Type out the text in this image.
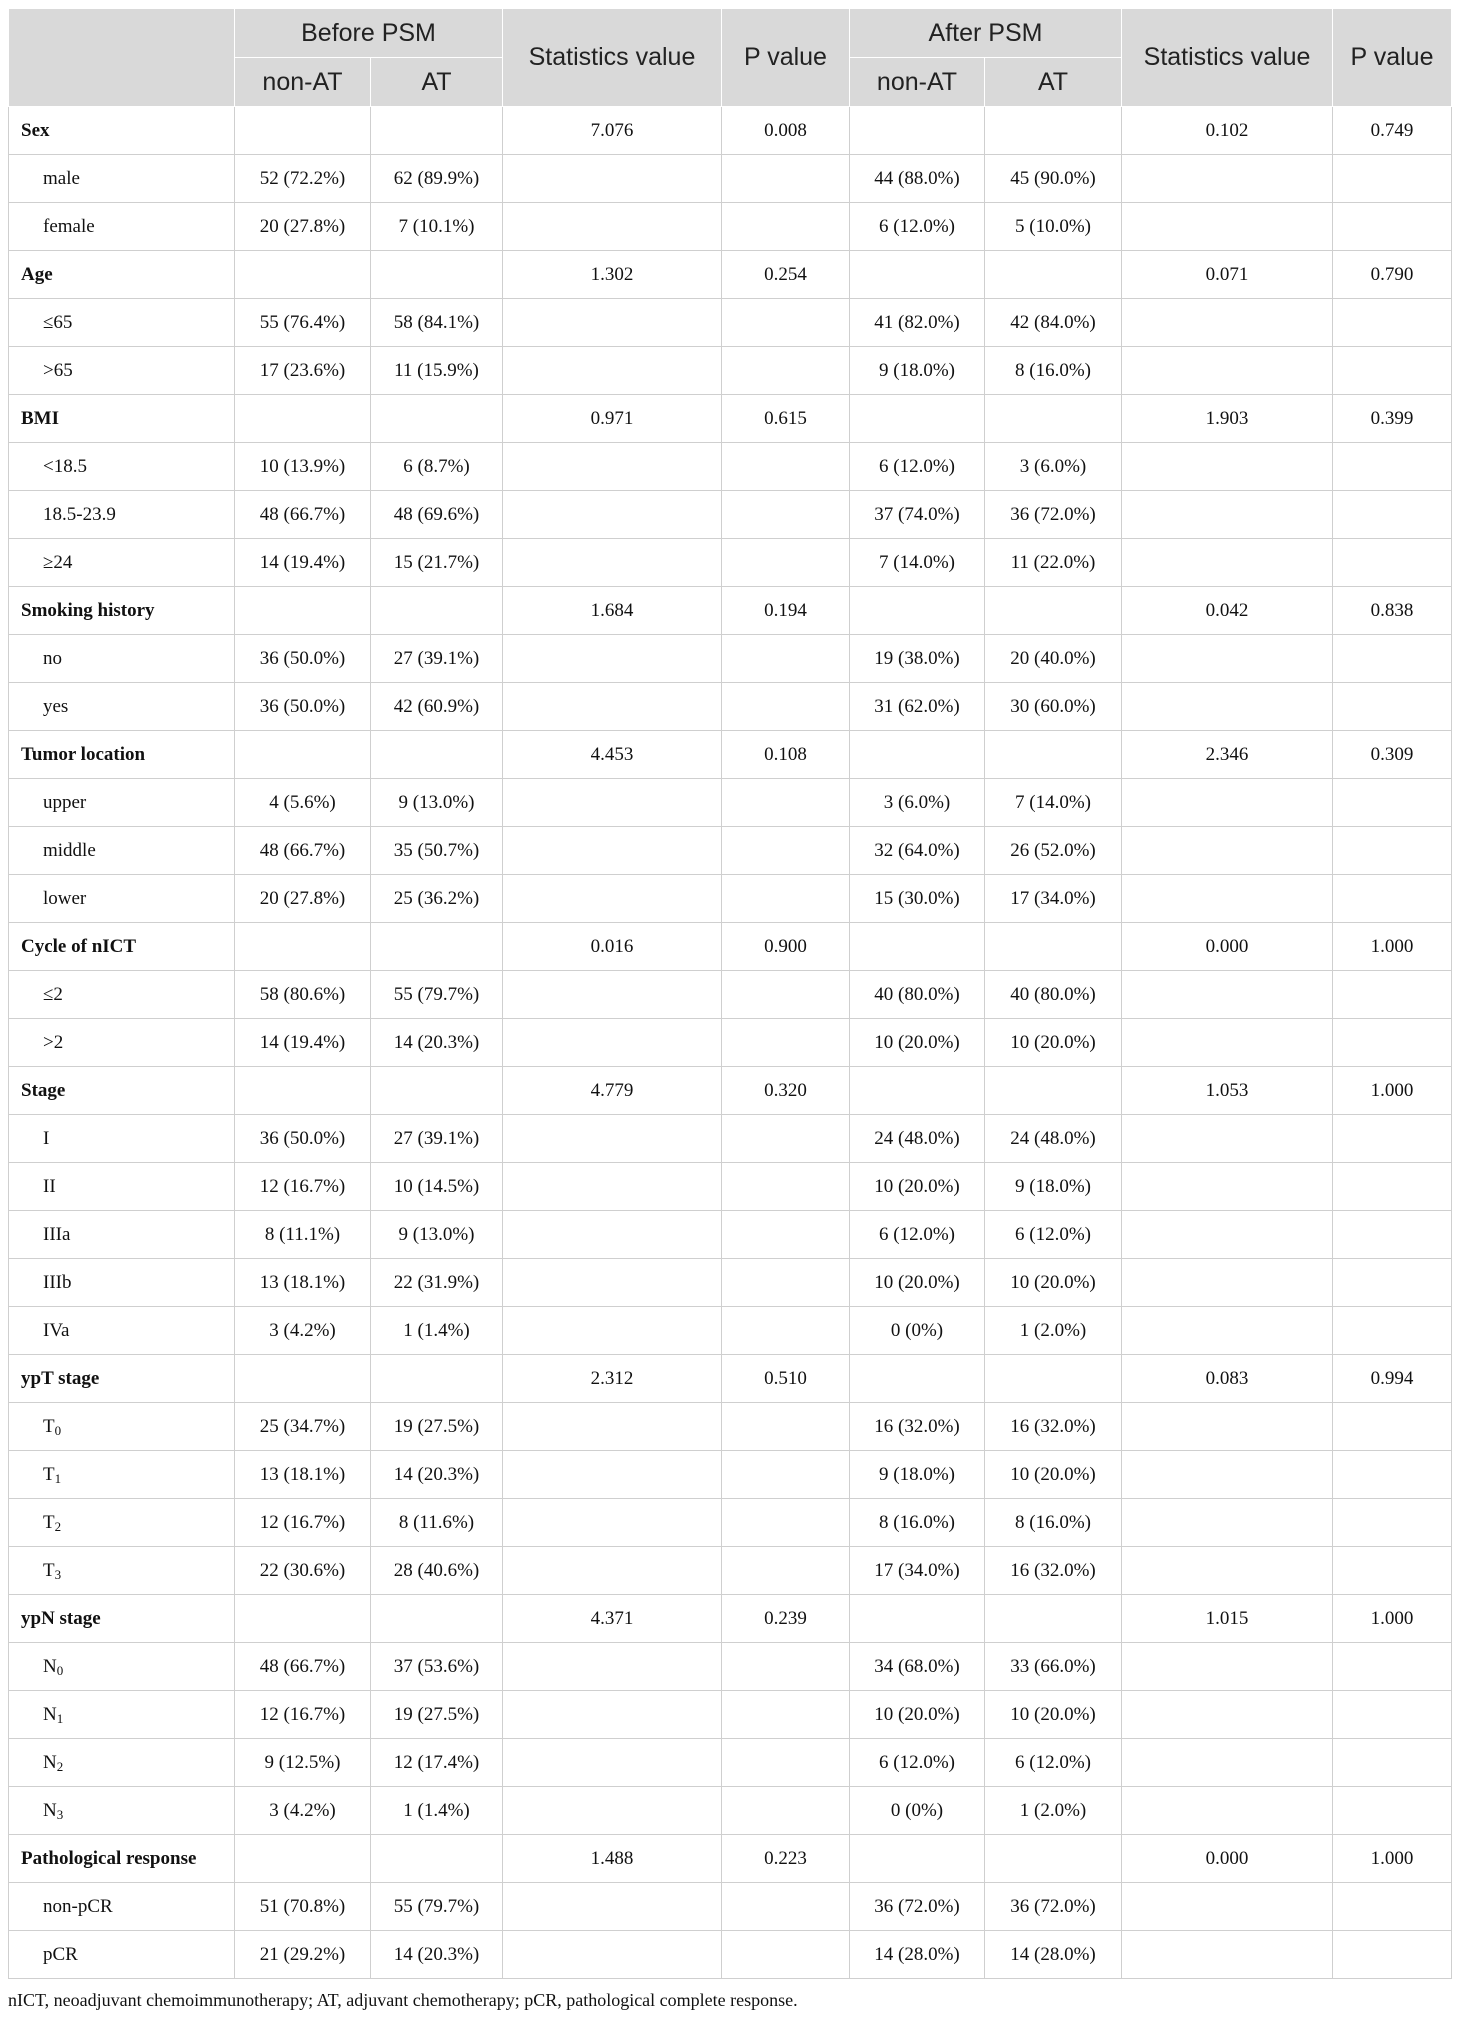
	Before PSM		Statistics value	P value	After PSM		Statistics value	P value
	non-AT	AT			non-AT	AT		
Sex			7.076	0.008			0.102	0.749
male	52 (72.2%)	62 (89.9%)			44 (88.0%)	45 (90.0%)		
female	20 (27.8%)	7 (10.1%)			6 (12.0%)	5 (10.0%)		
Age			1.302	0.254			0.071	0.790
≤65	55 (76.4%)	58 (84.1%)			41 (82.0%)	42 (84.0%)		
>65	17 (23.6%)	11 (15.9%)			9 (18.0%)	8 (16.0%)		
BMI			0.971	0.615			1.903	0.399
<18.5	10 (13.9%)	6 (8.7%)			6 (12.0%)	3 (6.0%)		
18.5-23.9	48 (66.7%)	48 (69.6%)			37 (74.0%)	36 (72.0%)		
≥24	14 (19.4%)	15 (21.7%)			7 (14.0%)	11 (22.0%)		
Smoking history			1.684	0.194			0.042	0.838
no	36 (50.0%)	27 (39.1%)			19 (38.0%)	20 (40.0%)		
yes	36 (50.0%)	42 (60.9%)			31 (62.0%)	30 (60.0%)		
Tumor location			4.453	0.108			2.346	0.309
upper	4 (5.6%)	9 (13.0%)			3 (6.0%)	7 (14.0%)		
middle	48 (66.7%)	35 (50.7%)			32 (64.0%)	26 (52.0%)		
lower	20 (27.8%)	25 (36.2%)			15 (30.0%)	17 (34.0%)		
Cycle of nICT			0.016	0.900			0.000	1.000
≤2	58 (80.6%)	55 (79.7%)			40 (80.0%)	40 (80.0%)		
>2	14 (19.4%)	14 (20.3%)			10 (20.0%)	10 (20.0%)		
Stage			4.779	0.320			1.053	1.000
I	36 (50.0%)	27 (39.1%)			24 (48.0%)	24 (48.0%)		
II	12 (16.7%)	10 (14.5%)			10 (20.0%)	9 (18.0%)		
IIIa	8 (11.1%)	9 (13.0%)			6 (12.0%)	6 (12.0%)		
IIIb	13 (18.1%)	22 (31.9%)			10 (20.0%)	10 (20.0%)		
IVa	3 (4.2%)	1 (1.4%)			0 (0%)	1 (2.0%)		
ypT stage			2.312	0.510			0.083	0.994
$T_0$	25 (34.7%)	19 (27.5%)			16 (32.0%)	16 (32.0%)		
$T_1$	13 (18.1%)	14 (20.3%)			9 (18.0%)	10 (20.0%)		
$T_2$	12 (16.7%)	8 (11.6%)			8 (16.0%)	8 (16.0%)		
$T_3$	22 (30.6%)	28 (40.6%)			17 (34.0%)	16 (32.0%)		
ypN stage			4.371	0.239			1.015	1.000
$N_0$	48 (66.7%)	37 (53.6%)			34 (68.0%)	33 (66.0%)		
$N_1$	12 (16.7%)	19 (27.5%)			10 (20.0%)	10 (20.0%)		
$N_2$	9 (12.5%)	12 (17.4%)			6 (12.0%)	6 (12.0%)		
$N_3$	3 (4.2%)	1 (1.4%)			0 (0%)	1 (2.0%)		
Pathological response			1.488	0.223			0.000	1.000
non-pCR	51 (70.8%)	55 (79.7%)			36 (72.0%)	36 (72.0%)		
pCR	21 (29.2%)	14 (20.3%)			14 (28.0%)	14 (28.0%)		
nICT, neoadjuvant chemoimmunotherapy; AT, adjuvant chemotherapy; pCR, pathological complete response.
